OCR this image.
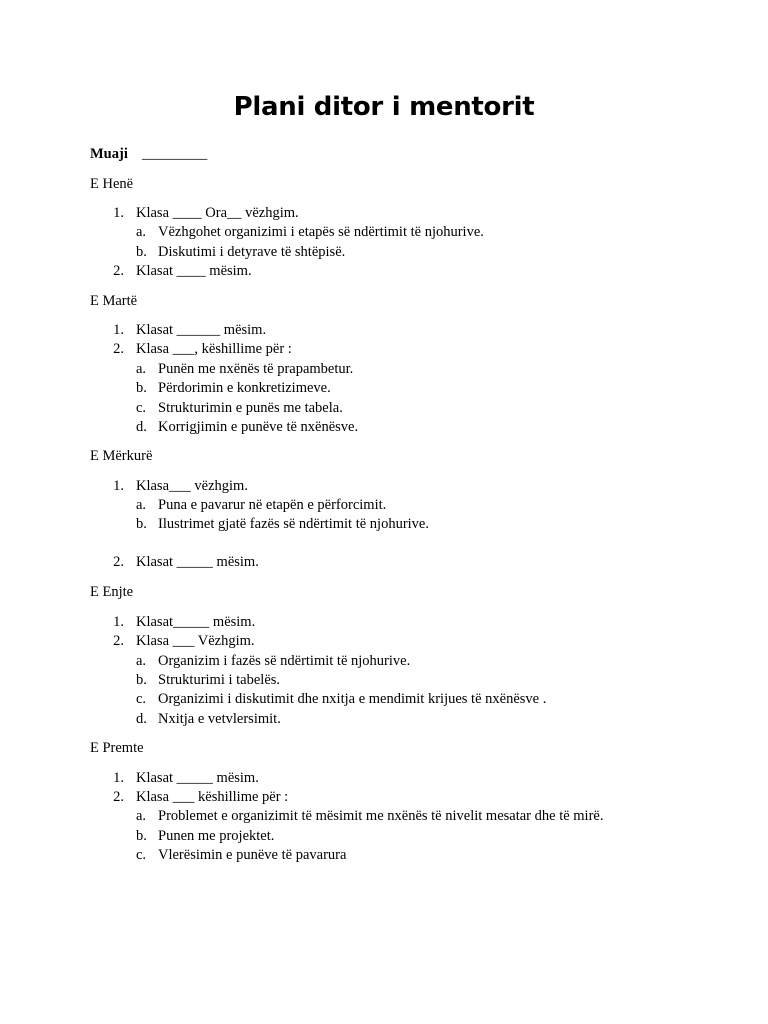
Plani ditor i mentorit
Muaji _________
E Henë
1. Klasa ____ Ora__ vëzhgim.
a. Vëzhgohet organizimi i etapës së ndërtimit të njohurive.
b. Diskutimi i detyrave të shtëpisë.
2. Klasat ____ mësim.
E Martë
1. Klasat ______ mësim.
2. Klasa ___, këshillime për :
a. Punën me nxënës të prapambetur.
b. Përdorimin e konkretizimeve.
c. Strukturimin e punës me tabela.
d. Korrigjimin e punëve të nxënësve.
E Mërkurë
1. Klasa___ vëzhgim.
a. Puna e pavarur në etapën e përforcimit.
b. Ilustrimet gjatë fazës së ndërtimit të njohurive.
2. Klasat _____ mësim.
E Enjte
1. Klasat_____ mësim.
2. Klasa ___ Vëzhgim.
a. Organizim i fazës së ndërtimit të njohurive.
b. Strukturimi i tabelës.
c. Organizimi i diskutimit dhe nxitja e mendimit krijues të nxënësve .
d. Nxitja e vetvlersimit.
E Premte
1. Klasat _____ mësim.
2. Klasa ___ këshillime për :
a. Problemet e organizimit të mësimit me nxënës të nivelit mesatar dhe të mirë.
b. Punen me projektet.
c. Vlerësimin e punëve të pavarura
